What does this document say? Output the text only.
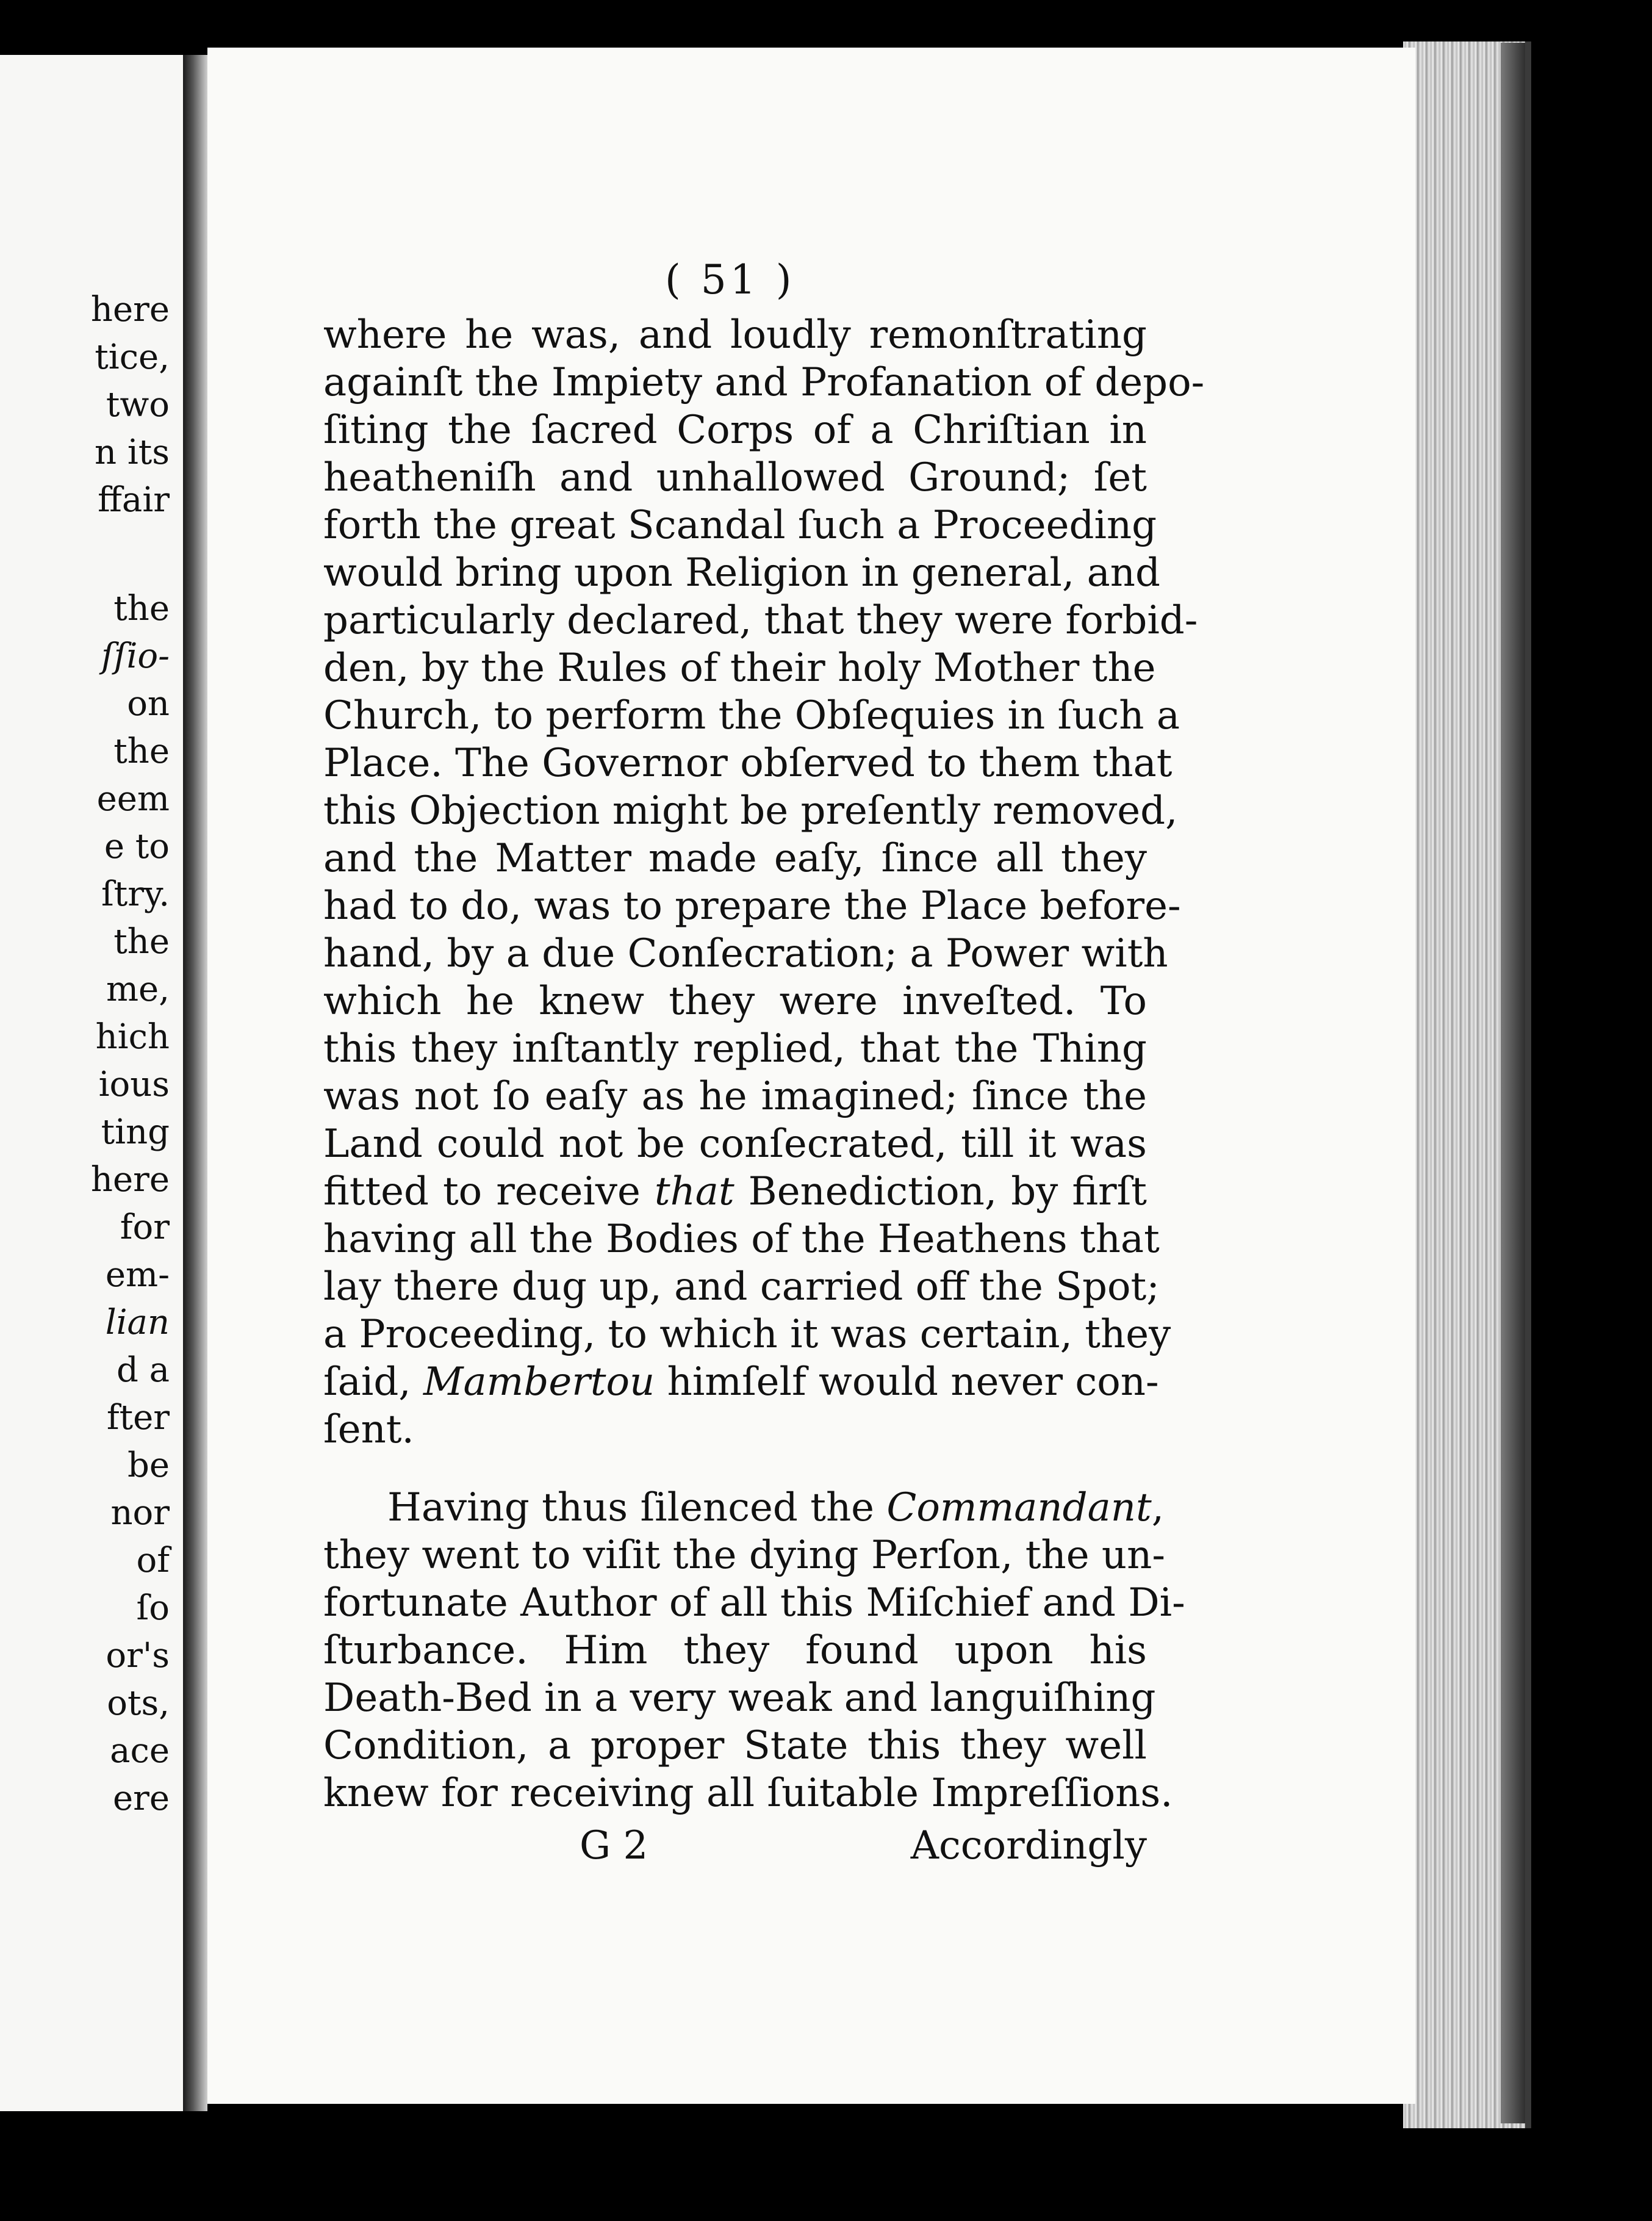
here
tice,
two
n its
ffair
the
ſſio-
on
the
eem
e to
ſtry.
the
me,
hich
ious
ting
here
for
em-
lian
d a
fter
be
nor
of
ſo
or's
ots,
ace
ere
( 51 )
where he was, and loudly remonſtrating
againſt the Impiety and Profanation of depo-
ſiting the ſacred Corps of a Chriſtian in
heatheniſh and unhallowed Ground; ſet
forth the great Scandal ſuch a Proceeding
would bring upon Religion in general, and
particularly declared, that they were forbid-
den, by the Rules of their holy Mother the
Church, to perform the Obſequies in ſuch a
Place. The Governor obſerved to them that
this Objection might be preſently removed,
and the Matter made eaſy, ſince all they
had to do, was to prepare the Place before-
hand, by a due Conſecration; a Power with
which he knew they were inveſted. To
this they inſtantly replied, that the Thing
was not ſo eaſy as he imagined; ſince the
Land could not be conſecrated, till it was
fitted to receive that Benediction, by firſt
having all the Bodies of the Heathens that
lay there dug up, and carried off the Spot;
a Proceeding, to which it was certain, they
ſaid, Mambertou himſelf would never con-
ſent.
Having thus ſilenced the Commandant,
they went to viſit the dying Perſon, the un-
fortunate Author of all this Miſchief and Di-
ſturbance. Him they found upon his
Death-Bed in a very weak and languiſhing
Condition, a proper State this they well
knew for receiving all ſuitable Impreſſions.
G 2	Accordingly
